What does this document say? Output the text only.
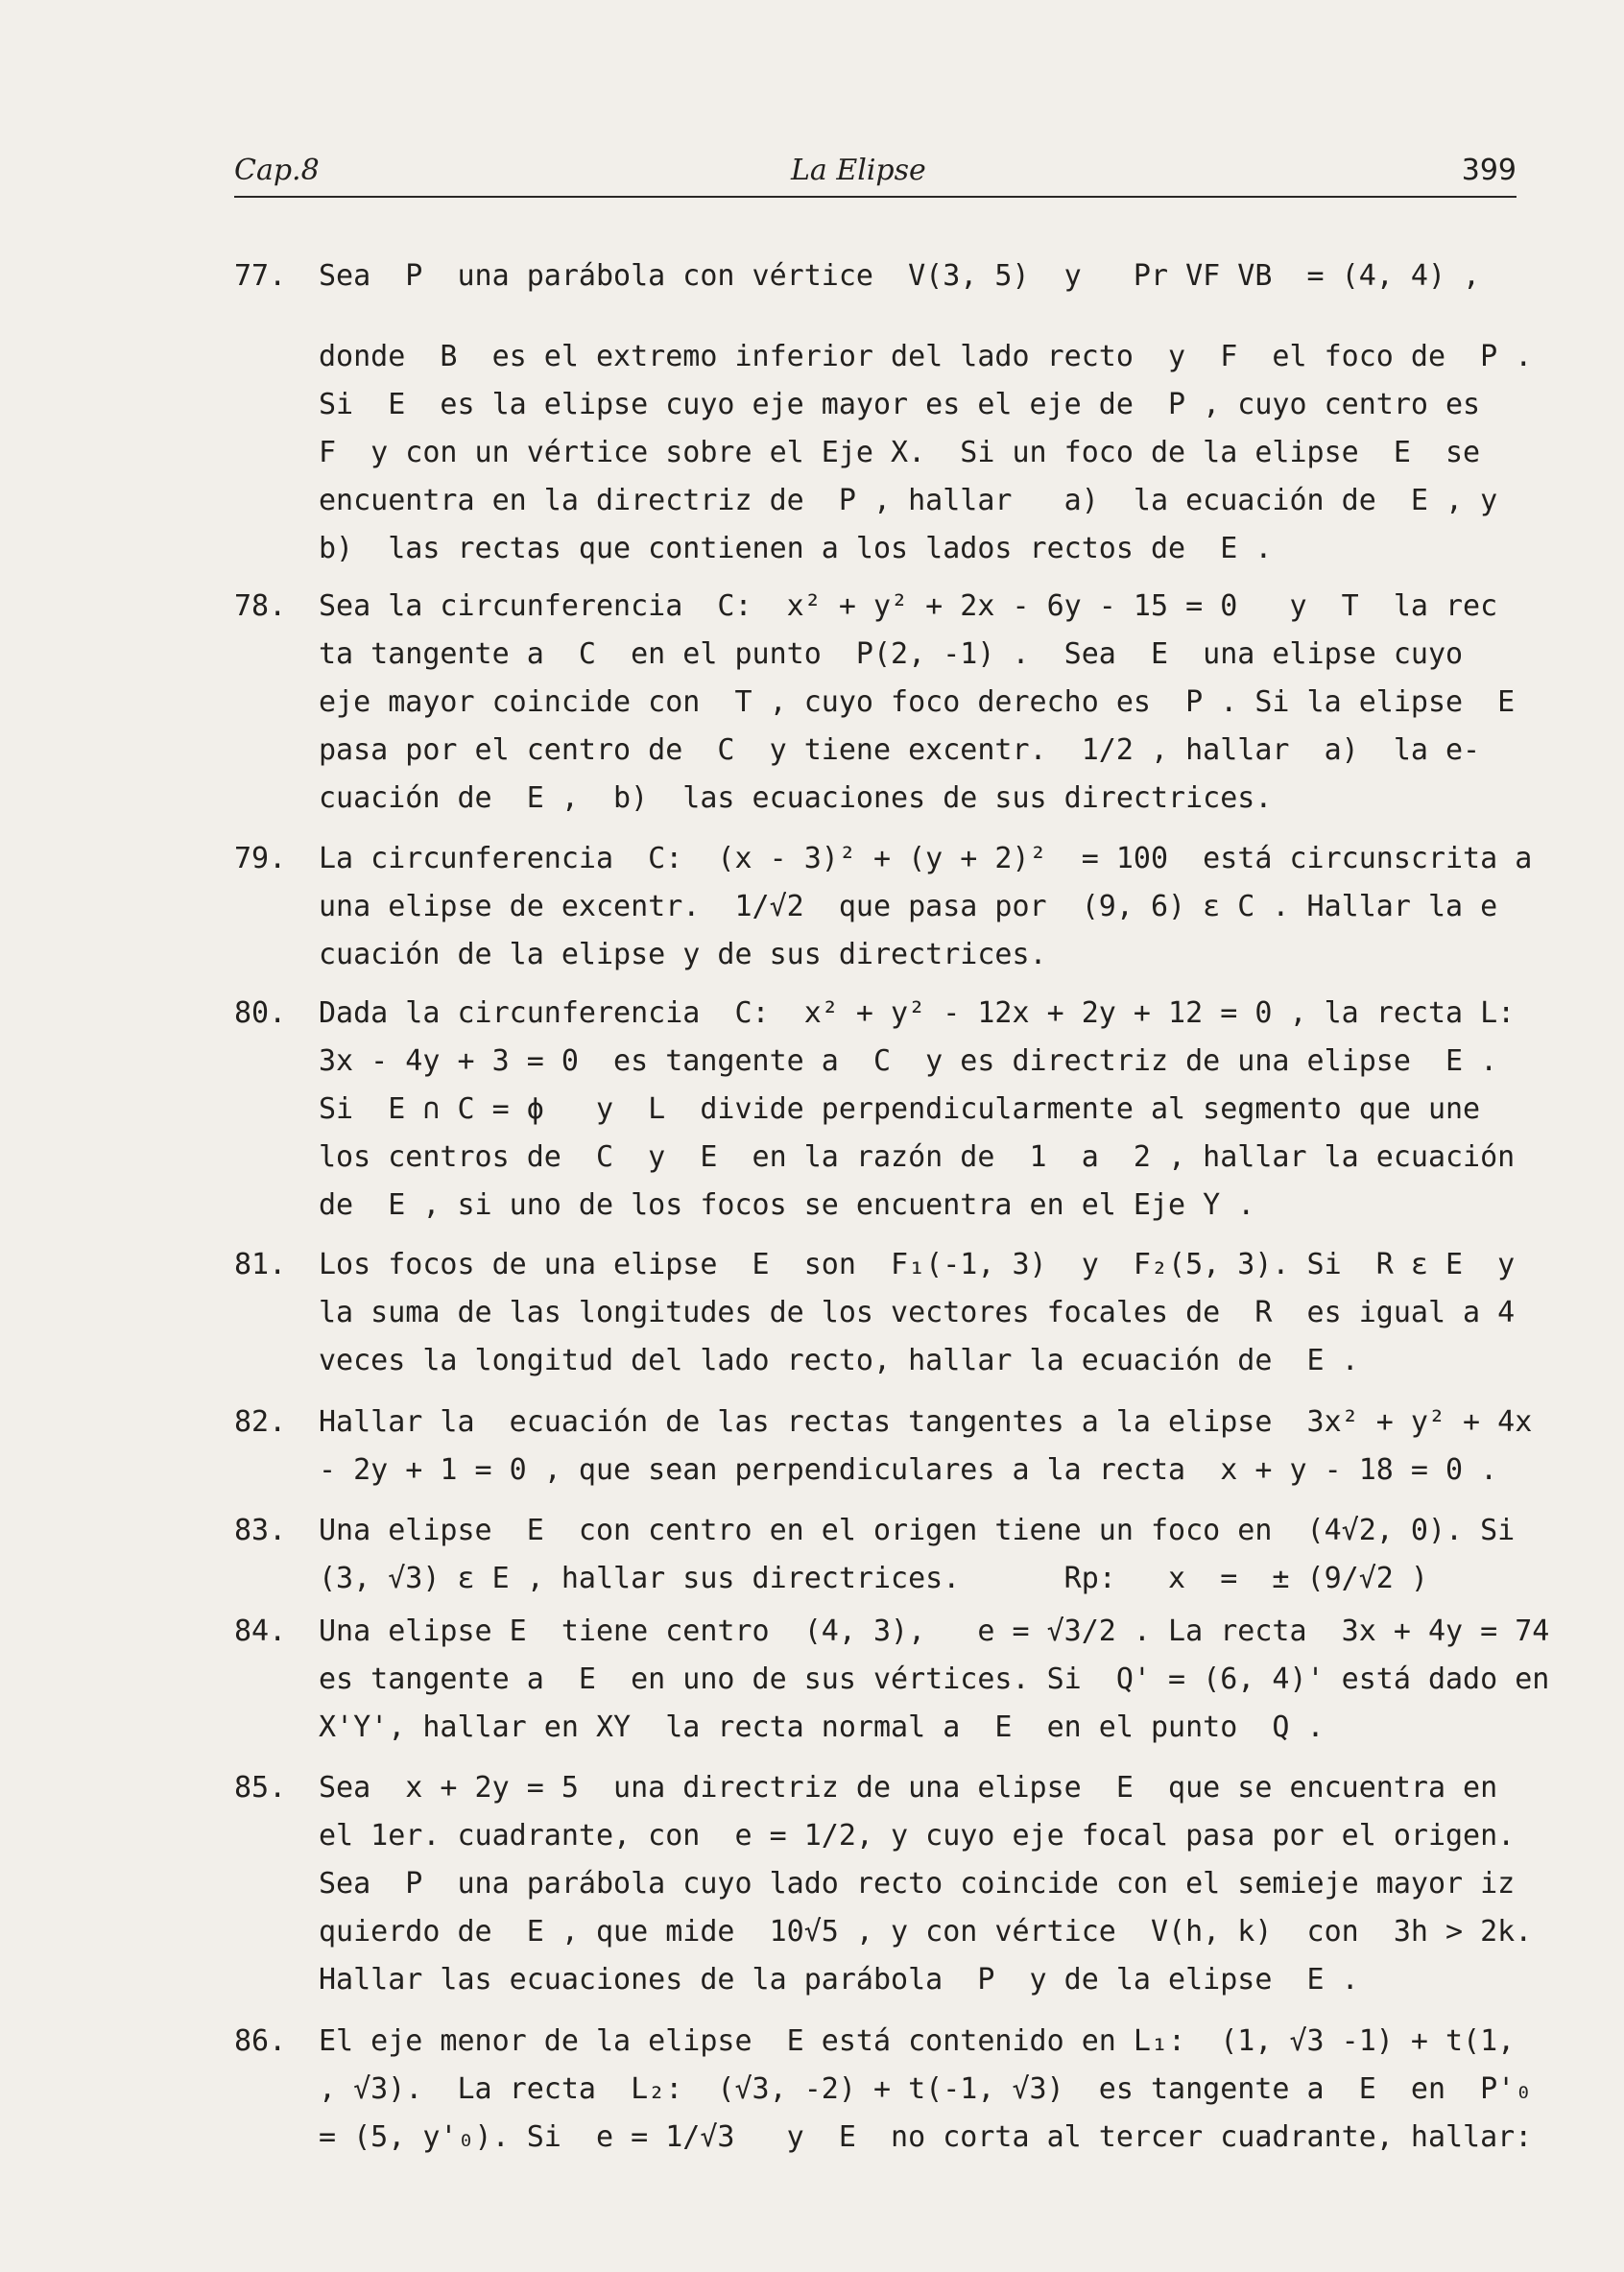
Cap.8	La Elipse	399
77. Sea  P  una parábola con vértice  V(3, 5)  y   Pr VF VB  = (4, 4) ,
donde  B  es el extremo inferior del lado recto  y  F  el foco de  P .
Si  E  es la elipse cuyo eje mayor es el eje de  P , cuyo centro es
F  y con un vértice sobre el Eje X.  Si un foco de la elipse  E  se
encuentra en la directriz de  P , hallar   a)  la ecuación de  E , y
b)  las rectas que contienen a los lados rectos de  E .
78. Sea la circunferencia  C:  x² + y² + 2x - 6y - 15 = 0   y  T  la rec
ta tangente a  C  en el punto  P(2, -1) .  Sea  E  una elipse cuyo
eje mayor coincide con  T , cuyo foco derecho es  P . Si la elipse  E
pasa por el centro de  C  y tiene excentr.  1/2 , hallar  a)  la e-
cuación de  E ,  b)  las ecuaciones de sus directrices.
79. La circunferencia  C:  (x - 3)² + (y + 2)²  = 100  está circunscrita a
una elipse de excentr.  1/√2  que pasa por  (9, 6) ε C . Hallar la e
cuación de la elipse y de sus directrices.
80. Dada la circunferencia  C:  x² + y² - 12x + 2y + 12 = 0 , la recta L:
3x - 4y + 3 = 0  es tangente a  C  y es directriz de una elipse  E .
Si  E ∩ C = ϕ   y  L  divide perpendicularmente al segmento que une
los centros de  C  y  E  en la razón de  1  a  2 , hallar la ecuación
de  E , si uno de los focos se encuentra en el Eje Y .
81. Los focos de una elipse  E  son  F₁(-1, 3)  y  F₂(5, 3). Si  R ε E  y
la suma de las longitudes de los vectores focales de  R  es igual a 4
veces la longitud del lado recto, hallar la ecuación de  E .
82. Hallar la  ecuación de las rectas tangentes a la elipse  3x² + y² + 4x
- 2y + 1 = 0 , que sean perpendiculares a la recta  x + y - 18 = 0 .
83. Una elipse  E  con centro en el origen tiene un foco en  (4√2, 0). Si
(3, √3) ε E , hallar sus directrices.      Rp:   x  =  ± (9/√2 )
84. Una elipse E  tiene centro  (4, 3),   e = √3/2 . La recta  3x + 4y = 74
es tangente a  E  en uno de sus vértices. Si  Q' = (6, 4)' está dado en
X'Y', hallar en XY  la recta normal a  E  en el punto  Q .
85. Sea  x + 2y = 5  una directriz de una elipse  E  que se encuentra en
el 1er. cuadrante, con  e = 1/2, y cuyo eje focal pasa por el origen.
Sea  P  una parábola cuyo lado recto coincide con el semieje mayor iz
quierdo de  E , que mide  10√5 , y con vértice  V(h, k)  con  3h > 2k.
Hallar las ecuaciones de la parábola  P  y de la elipse  E .
86. El eje menor de la elipse  E está contenido en L₁:  (1, √3 -1) + t(1,
, √3).  La recta  L₂:  (√3, -2) + t(-1, √3)  es tangente a  E  en  P'₀
= (5, y'₀). Si  e = 1/√3   y  E  no corta al tercer cuadrante, hallar:
